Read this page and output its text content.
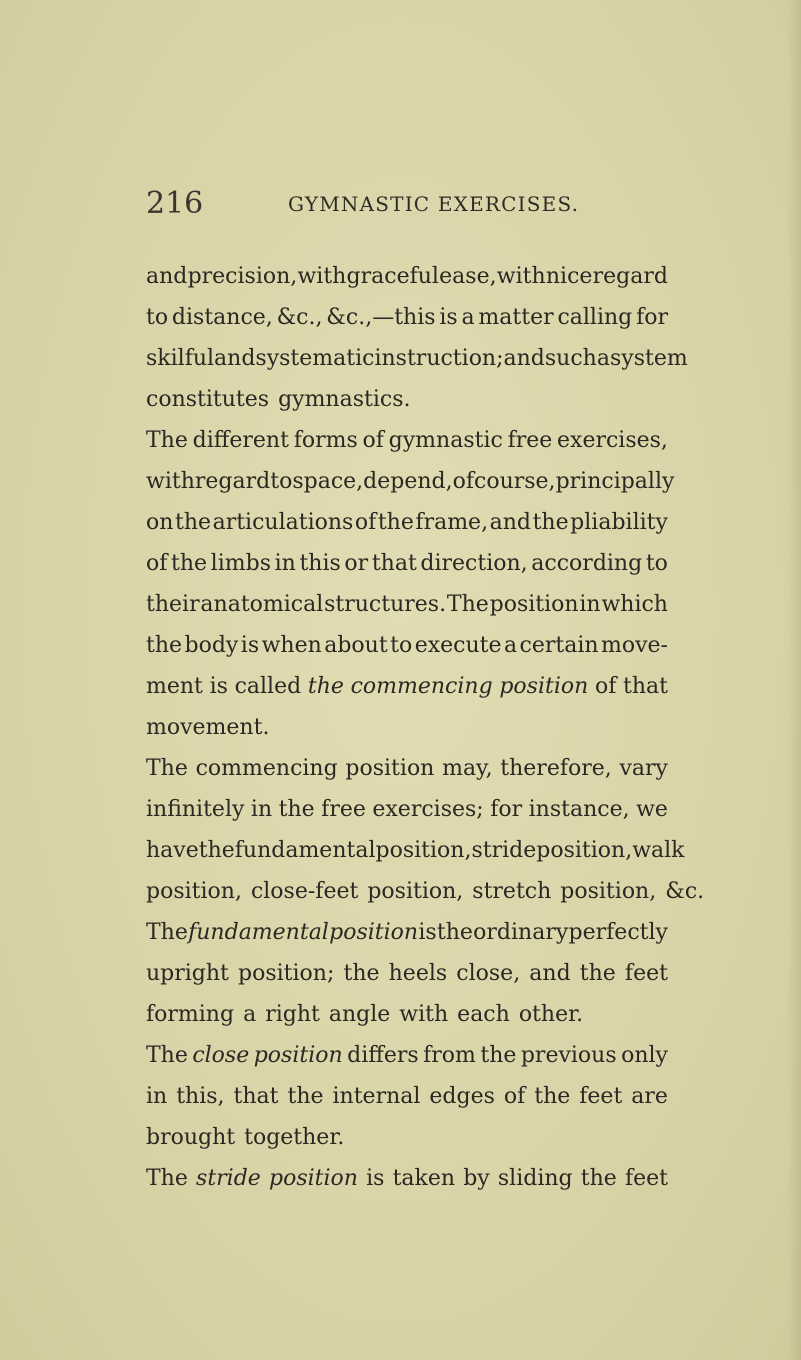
216	GYMNASTIC EXERCISES.
and precision, with graceful ease, with nice regard
to distance, &c., &c.,—this is a matter calling for
skilful and systematic instruction; and such a system
constitutes gymnastics.
The different forms of gymnastic free exercises,
with regard to space, depend, of course, principally
on the articulations of the frame, and the pliability
of the limbs in this or that direction, according to
their anatomical structures. The position in which
the body is when about to execute a certain move-
ment is called the commencing position of that
movement.
The commencing position may, therefore, vary
infinitely in the free exercises; for instance, we
have the fundamental position, stride position, walk
position, close-feet position, stretch position, &c.
The fundamental position is the ordinary perfectly
upright position; the heels close, and the feet
forming a right angle with each other.
The close position differs from the previous only
in this, that the internal edges of the feet are
brought together.
The stride position is taken by sliding the feet
